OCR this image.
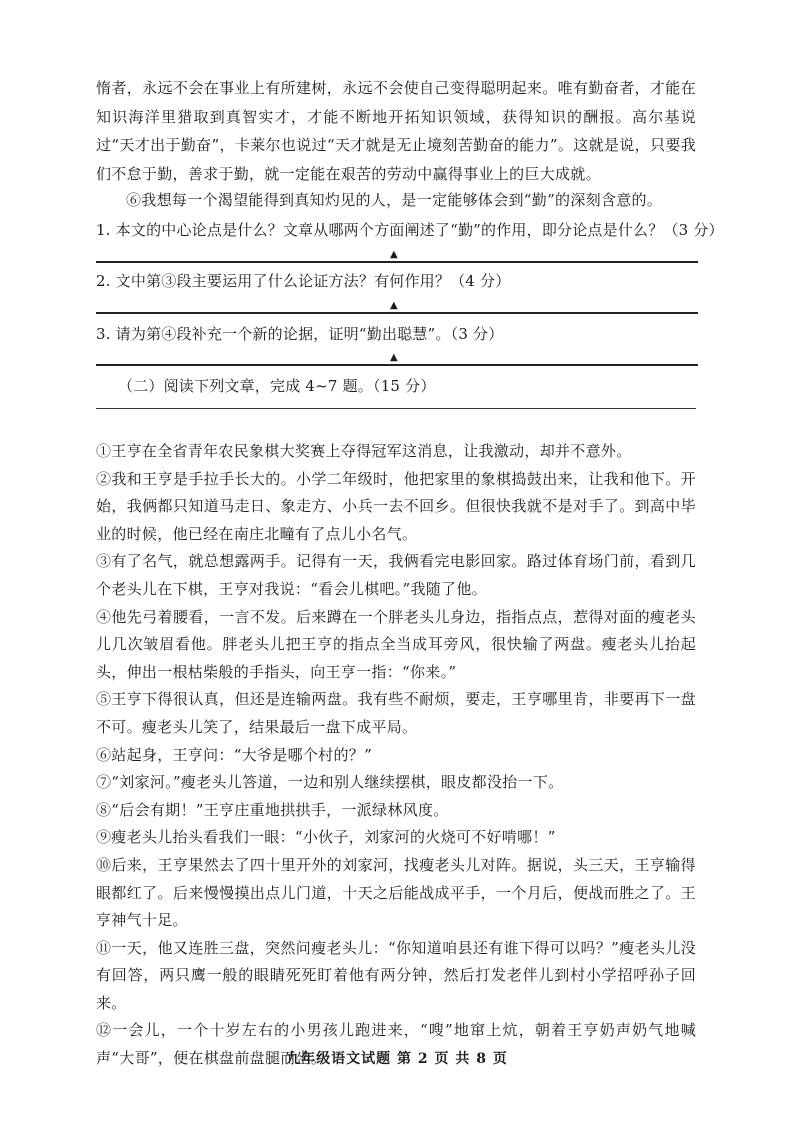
惰者，永远不会在事业上有所建树，永远不会使自己变得聪明起来。唯有勤奋者，才能在知识海洋里猎取到真智实才，才能不断地开拓知识领域，获得知识的酬报。高尔基说过“天才出于勤奋”，卡莱尔也说过“天才就是无止境刻苦勤奋的能力”。这就是说，只要我们不怠于勤，善求于勤，就一定能在艰苦的劳动中赢得事业上的巨大成就。
⑥我想每一个渴望能得到真知灼见的人，是一定能够体会到“勤”的深刻含意的。
1. 本文的中心论点是什么？文章从哪两个方面阐述了“勤”的作用，即分论点是什么？（3 分）
▲
2. 文中第③段主要运用了什么论证方法？有何作用？（4 分）
▲
3. 请为第④段补充一个新的论据，证明“勤出聪慧”。（3 分）
▲
（二）阅读下列文章，完成 4~7 题。（15 分）

①王亨在全省青年农民象棋大奖赛上夺得冠军这消息，让我激动，却并不意外。

②我和王亨是手拉手长大的。小学二年级时，他把家里的象棋捣鼓出来，让我和他下。开始，我俩都只知道马走日、象走方、小兵一去不回乡。但很快我就不是对手了。到高中毕业的时候，他已经在南庄北疃有了点儿小名气。

③有了名气，就总想露两手。记得有一天，我俩看完电影回家。路过体育场门前，看到几个老头儿在下棋，王亨对我说：“看会儿棋吧。”我随了他。

④他先弓着腰看，一言不发。后来蹲在一个胖老头儿身边，指指点点，惹得对面的瘦老头儿几次皱眉看他。胖老头儿把王亨的指点全当成耳旁风，很快输了两盘。瘦老头儿抬起头，伸出一根枯柴般的手指头，向王亨一指：“你来。”

⑤王亨下得很认真，但还是连输两盘。我有些不耐烦，要走，王亨哪里肯，非要再下一盘不可。瘦老头儿笑了，结果最后一盘下成平局。

⑥站起身，王亨问：“大爷是哪个村的？”

⑦“刘家河。”瘦老头儿答道，一边和别人继续摆棋，眼皮都没抬一下。

⑧“后会有期！”王亨庄重地拱拱手，一派绿林风度。

⑨瘦老头儿抬头看我们一眼：“小伙子，刘家河的火烧可不好啃哪！”

⑩后来，王亨果然去了四十里开外的刘家河，找瘦老头儿对阵。据说，头三天，王亨输得眼都红了。后来慢慢摸出点儿门道，十天之后能战成平手，一个月后，便战而胜之了。王亨神气十足。

⑪一天，他又连胜三盘，突然问瘦老头儿：“你知道咱县还有谁下得可以吗？”瘦老头儿没有回答，两只鹰一般的眼睛死死盯着他有两分钟，然后打发老伴儿到村小学招呼孙子回来。

⑫一会儿，一个十岁左右的小男孩儿跑进来，“嗖”地窜上炕，朝着王亨奶声奶气地喊声“大哥”，便在棋盘前盘腿而坐。

九年级语文试题 第 2 页 共 8 页
